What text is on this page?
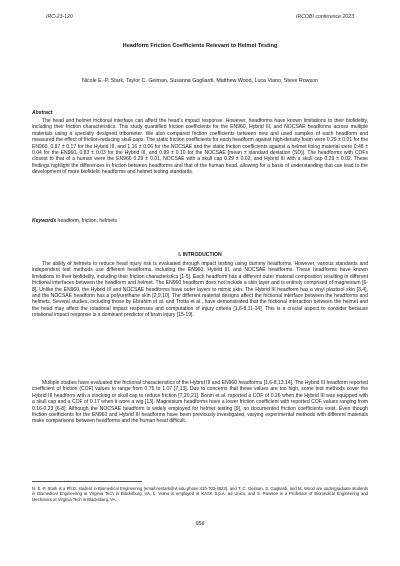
IRC-23-120	IRCOBI conference 2023
Headform Friction Coefficients Relevant to Helmet Testing
Nicole E.-P. Stark, Taylor C. Geiman, Susanna Gagliardi, Matthew Wood, Luca Viano, Steve Rowson
Abstract
The head and helmet frictional interface can affect the head’s impact response. However, headforms have known limitations to their biofidelity, including their friction characteristics. This study quantified friction coefficients for the EN960, Hybrid III, and NOCSAE headforms across multiple materials using a specially designed tribometer. We also compared friction coefficients between new and used samples of each headform and measured the effect of friction-reducing skull caps. The static friction coefficients for each headform against high-density foam were 0.29 ± 0.01 for the EN960, 0.97 ± 0.17 for the Hybrid III, and 1.16 ± 0.06 for the NOCSAE and the static friction coefficients against a helmet lining material were 0.48 ± 0.04 for the EN960, 0.83 ± 0.03 for the Hybrid III, and 0.99 ± 0.10 for the NOCSAE [mean ± standard deviation (SD)]. The headforms with COFs closest to that of a human were the EN960 0.29 ± 0.01, NOCSAE with a skull cap 0.29 ± 0.02, and Hybrid III with a skull cap 0.29 ± 0.02. These findings highlight the differences in friction between headforms and that of the human head, allowing for a basis of understanding that can lead to the development of more biofidelic headforms and helmet testing standards.
Keywords headform, friction, helmets
I. INTRODUCTION
The ability of helmets to reduce head injury risk is evaluated through impact testing using dummy headforms. However, various standards and independent test methods use different headforms, including the EN960, Hybrid III, and NOCSAE headforms. These headforms have known limitations to their biofidelity, including their friction characteristics [1-5]. Each headform has a different outer material composition resulting in different frictional interfaces between the headform and helmet. The EN960 headform does not include a skin layer and is entirely comprised of magnesium [6-8]. Unlike the EN960, the Hybrid III and NOCSAE headforms have outer layers to mimic skin. The Hybrid III headform has a vinyl plastisol skin [3,4], and the NOCSAE headform has a polyurethane skin [2,9,10]. The different material designs affect the frictional interface between the headforms and helmets. Several studies, including those by Ebrahim et al. and Trotta et al., have demonstrated that the frictional interaction between the helmet and the head may affect the rotational impact responses and computation of injury criteria [1,6-8,11-14]. This is a crucial aspect to consider because rotational impact response is a dominant predictor of brain injury [15-19].
Multiple studies have evaluated the frictional characteristics of the Hybrid III and EN960 headforms [1,6-8,13,14]. The Hybrid III headform reported coefficient of friction (COF) values to range from 0.75 to 1.07 [7,13]. Due to concerns that these values are too high, some test methods cover the Hybrid III headform with a stocking or skull cap to reduce friction [7,20,21]. Bonin et al. reported a COF of 0.26 when the Hybrid III was equipped with a skull cap and a COF of 0.17 when it wore a wig [13]. Magnesium headforms have a lower friction coefficient with reported COF values ranging from 0.16-0.23 [6-8]. Although the NOCSAE headform is widely employed for helmet testing [9], no documented friction coefficients exist. Even though friction coefficients for the EN960 and Hybrid III headforms have been previously investigated, varying experimental methods with different materials make comparisons between headforms and the human head difficult.
N. E.-P. Stark is a Ph.D. student in Biomedical Engineering (email:nestark@vt.edu phone:410-703-4523), and T. C. Geiman, S. Gagliardi, and M. Wood are undergraduate students in Biomedical Engineering at Virginia Tech in Blacksburg, VA, L. Viano is employed at KASK S.p.A. ad Unico, and S. Rowson is a Professor of Biomedical Engineering and Mechanics at Virginia Tech in Blacksburg, VA.
956
